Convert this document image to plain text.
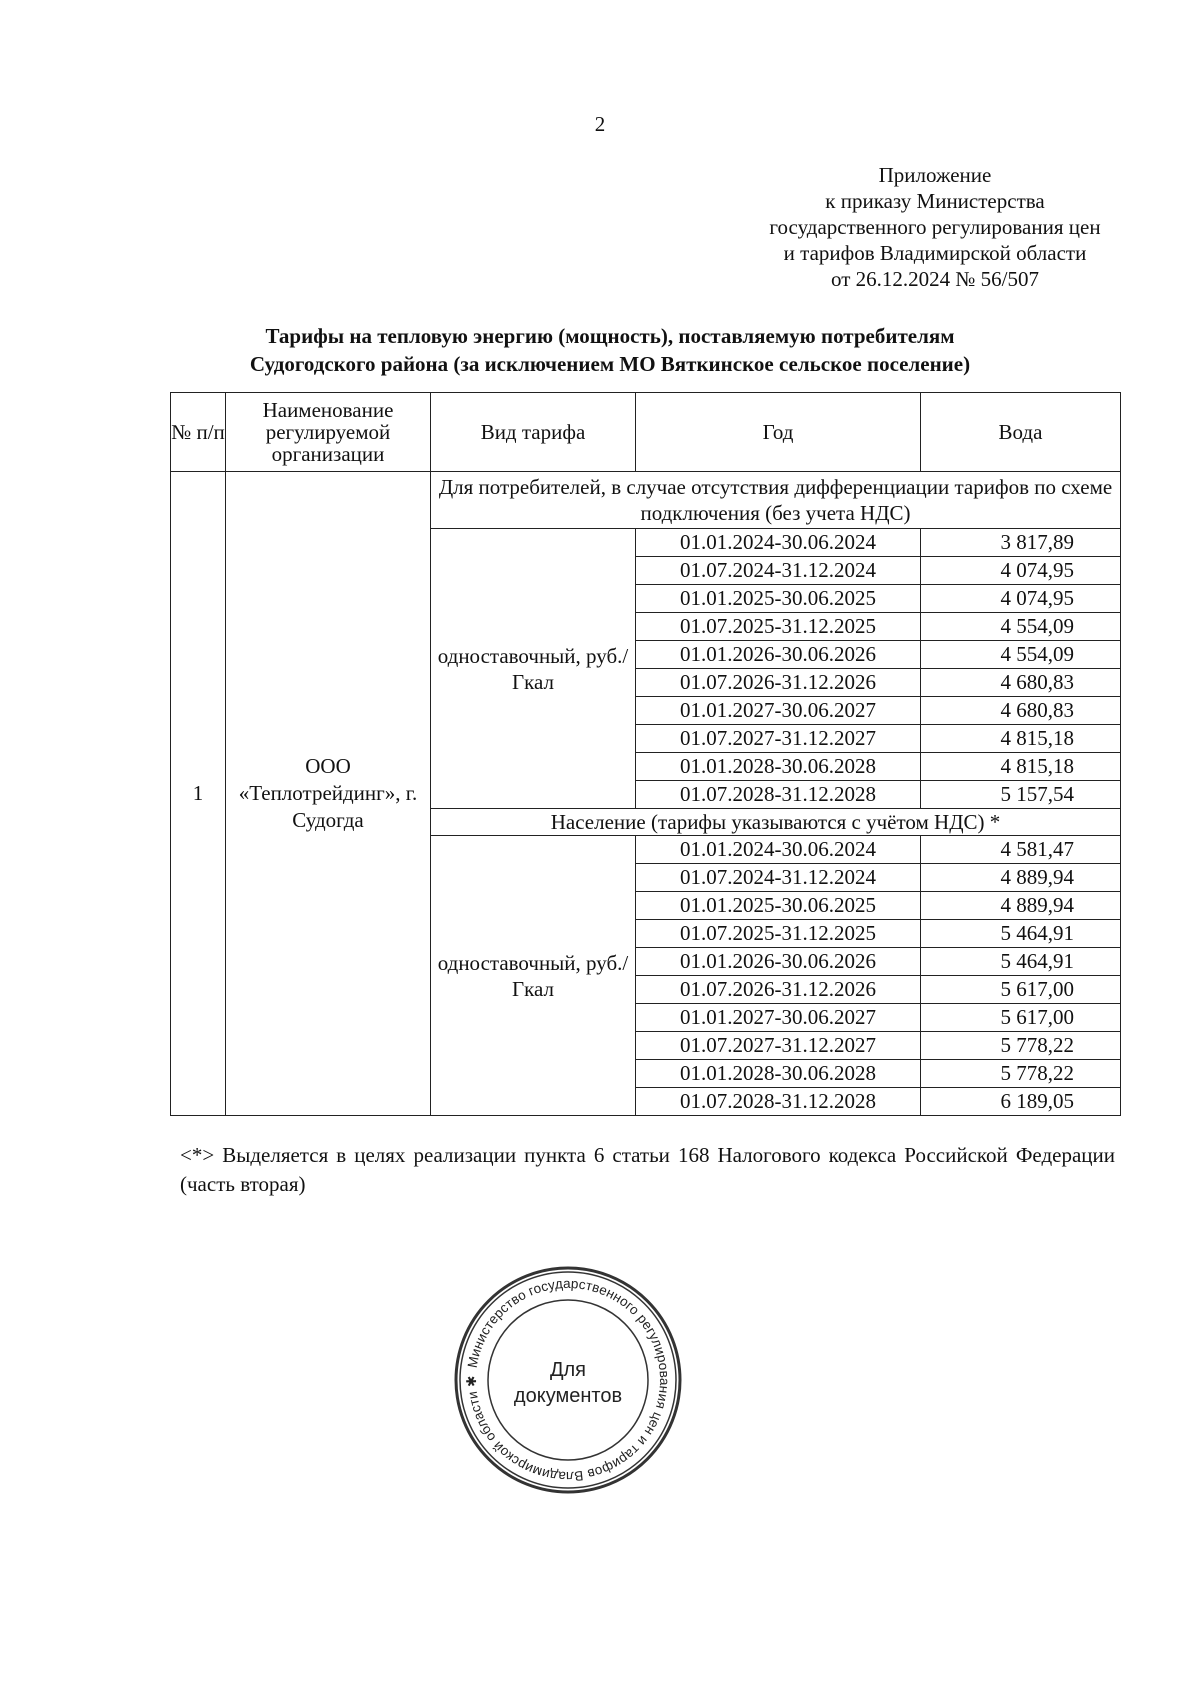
2
Приложение
к приказу Министерства
государственного регулирования цен
и тарифов Владимирской области
от 26.12.2024 № 56/507
Тарифы на тепловую энергию (мощность), поставляемую потребителям
Судогодского района (за исключением МО Вяткинское сельское поселение)
№ п/п	Наименование регулируемой организации	Вид тарифа	Год	Вода
1	ООО «Теплотрейдинг», г. Судогда	Для потребителей, в случае отсутствия дифференциации тарифов по схеме подключения (без учета НДС)		
		одноставочный, руб./Гкал	01.01.2024-30.06.2024	3 817,89
			01.07.2024-31.12.2024	4 074,95
			01.01.2025-30.06.2025	4 074,95
			01.07.2025-31.12.2025	4 554,09
			01.01.2026-30.06.2026	4 554,09
			01.07.2026-31.12.2026	4 680,83
			01.01.2027-30.06.2027	4 680,83
			01.07.2027-31.12.2027	4 815,18
			01.01.2028-30.06.2028	4 815,18
			01.07.2028-31.12.2028	5 157,54
		Население (тарифы указываются с учётом НДС) *		
		одноставочный, руб./Гкал	01.01.2024-30.06.2024	4 581,47
			01.07.2024-31.12.2024	4 889,94
			01.01.2025-30.06.2025	4 889,94
			01.07.2025-31.12.2025	5 464,91
			01.01.2026-30.06.2026	5 464,91
			01.07.2026-31.12.2026	5 617,00
			01.01.2027-30.06.2027	5 617,00
			01.07.2027-31.12.2027	5 778,22
			01.01.2028-30.06.2028	5 778,22
			01.07.2028-31.12.2028	6 189,05
<*> Выделяется в целях реализации пункта 6 статьи 168 Налогового кодекса Российской Федерации (часть вторая)
Министерство государственного регулирования цен и тарифов Владимирской области ✱
Для
документов
